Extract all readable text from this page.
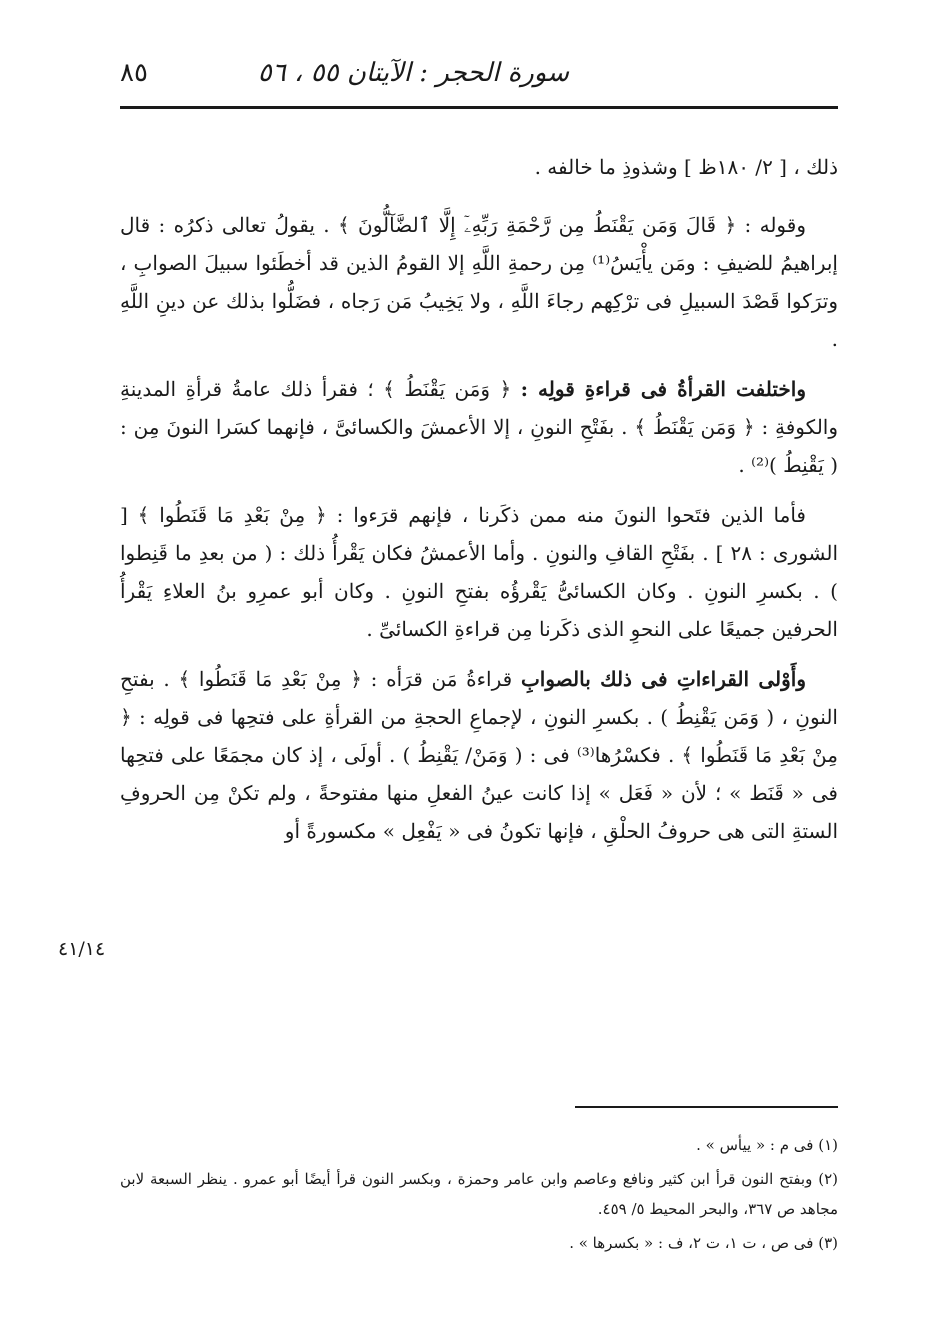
سورة الحجر : الآيتان ٥٥ ، ٥٦
٨٥

ذلك ، [ ٢/ ١٨٠ظ ] وشذوذِ ما خالفه .

وقوله : ﴿ قَالَ وَمَن يَقْنَطُ مِن رَّحْمَةِ رَبِّهِۦٓ إِلَّا ٱلضَّآلُّونَ ﴾ . يقولُ تعالى ذكرُه : قال إبراهيمُ للضيفِ : ومَن يأْيَسُ⁽¹⁾ مِن رحمةِ اللَّهِ إلا القومُ الذين قد أخطَئوا سبيلَ الصوابِ ، وترَكوا قَصْدَ السبيلِ فى ترْكِهم رجاءَ اللَّهِ ، ولا يَخِيبُ مَن رَجاه ، فضَلُّوا بذلك عن دينِ اللَّهِ .

واختلفت القرأةُ فى قراءةِ قولِه : ﴿ وَمَن يَقْنَطُ ﴾ ؛ فقرأ ذلك عامةُ قرأةِ المدينةِ والكوفةِ : ﴿ وَمَن يَقْنَطُ ﴾ . بفَتْحِ النونِ ، إلا الأعمشَ والكسائىَّ ، فإنهما كسَرا النونَ مِن : ( يَقْنِطُ )⁽²⁾ .

فأما الذين فتَحوا النونَ منه ممن ذكَرنا ، فإنهم قرَءوا : ﴿ مِنْ بَعْدِ مَا قَنَطُوا ﴾ [ الشورى : ٢٨ ] . بفَتْحِ القافِ والنونِ . وأما الأعمشُ فكان يَقْرأُ ذلك : ( من بعدِ ما قَنِطوا ) . بكسرِ النونِ . وكان الكسائىُّ يَقْرؤُه بفتحِ النونِ . وكان أبو عمرِو بنُ العلاءِ يَقْرأُ الحرفين جميعًا على النحوِ الذى ذكَرنا مِن قراءةِ الكسائىِّ .

وأَوْلى القراءاتِ فى ذلك بالصوابِ قراءةُ مَن قرَأه : ﴿ مِنْ بَعْدِ مَا قَنَطُوا ﴾ . بفتحِ النونِ ، ( وَمَن يَقْنِطُ ) . بكسرِ النونِ ، لإجماعِ الحجةِ من القرأةِ على فتحِها فى قولِه : ﴿ مِنْ بَعْدِ مَا قَنَطُوا ﴾ . فكسْرُها⁽³⁾ فى : ( وَمَنْ/ يَقْنِطُ ) . أولَى ، إذ كان مجمَعًا على فتحِها فى « قَنَط » ؛ لأن « فَعَل » إذا كانت عينُ الفعلِ منها مفتوحةً ، ولم تكنْ مِن الحروفِ الستةِ التى هى حروفُ الحلْقِ ، فإنها تكونُ فى « يَفْعِل » مكسورةً أو

٤١/١٤

(١) فى م : « ييأس » .

(٢) وبفتح النون قرأ ابن كثير ونافع وعاصم وابن عامر وحمزة ، وبكسر النون قرأ أيضًا أبو عمرو . ينظر السبعة لابن مجاهد ص ٣٦٧، والبحر المحيط ٥/ ٤٥٩.

(٣) فى ص ، ت ١، ت ٢، ف : « بكسرها » .
